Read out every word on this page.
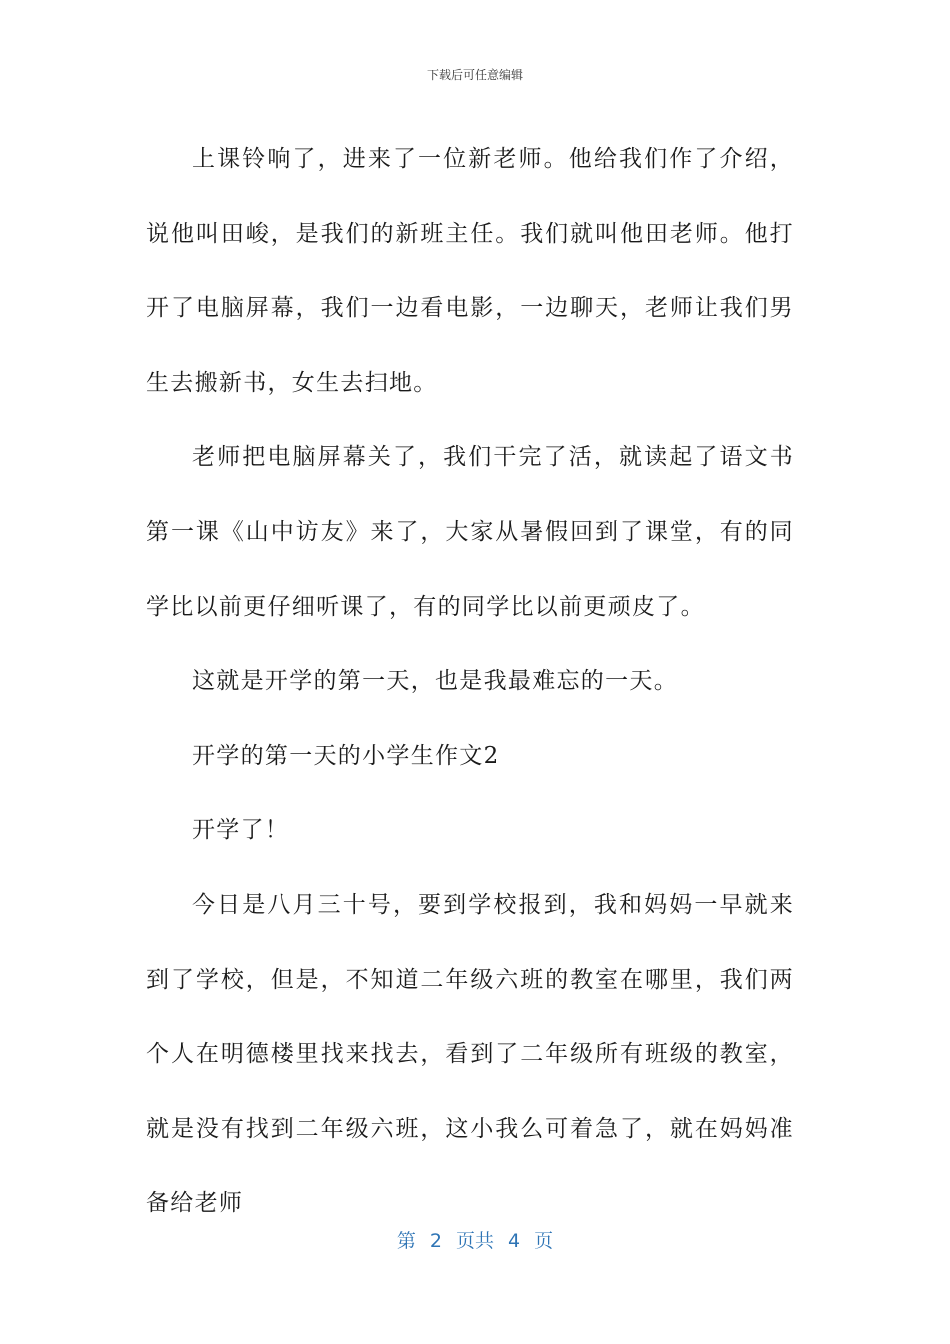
下载后可任意编辑

上课铃响了，进来了一位新老师。他给我们作了介绍，说他叫田峻，是我们的新班主任。我们就叫他田老师。他打开了电脑屏幕，我们一边看电影，一边聊天，老师让我们男生去搬新书，女生去扫地。

老师把电脑屏幕关了，我们干完了活，就读起了语文书第一课《山中访友》来了，大家从暑假回到了课堂，有的同学比以前更仔细听课了，有的同学比以前更顽皮了。

这就是开学的第一天，也是我最难忘的一天。

开学的第一天的小学生作文2

开学了！

今日是八月三十号，要到学校报到，我和妈妈一早就来到了学校，但是，不知道二年级六班的教室在哪里，我们两个人在明德楼里找来找去，看到了二年级所有班级的教室，就是没有找到二年级六班，这小我么可着急了，就在妈妈准备给老师

第 2 页共 4 页
